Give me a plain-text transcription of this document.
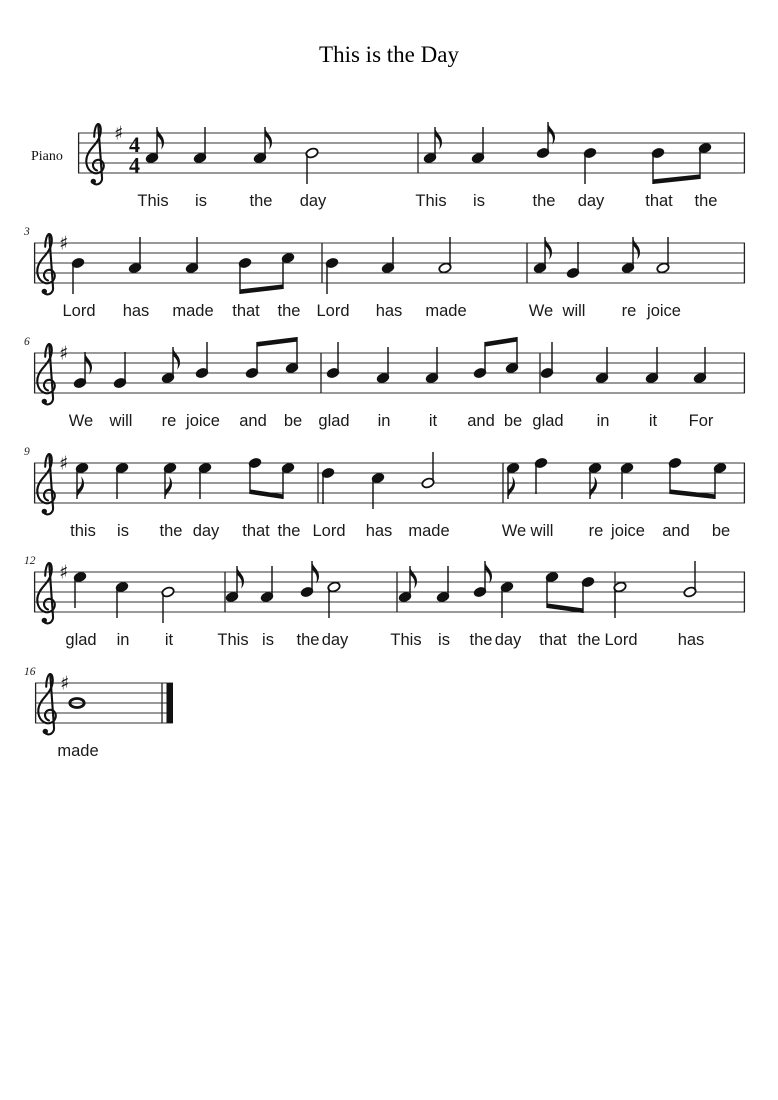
This is the Day
Piano
♯ 4
4
This is	the day	This is	the day that the
3
♯
Lord has made that the Lord has made	We will re joice
6
♯
We will re joice and be glad in it and be glad in it For
9
♯
this is the day that the Lord has made	We will re joice and be
12
♯
glad in it	This is the day	This is the day that the Lord has
16
♯
made
